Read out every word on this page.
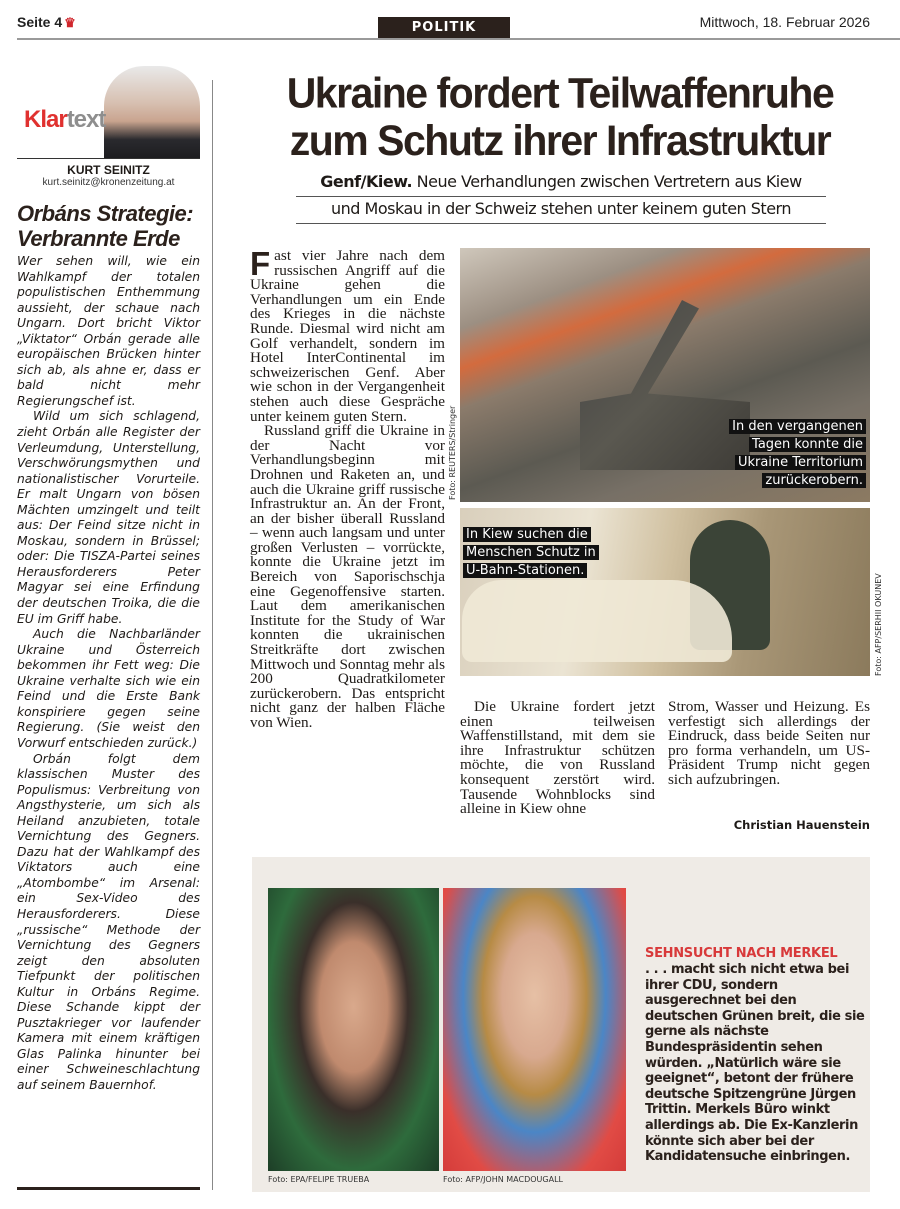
Seite 4 ♛	POLITIK	Mittwoch, 18. Februar 2026
Klartext
KURT SEINITZ
kurt.seinitz@kronenzeitung.at
Orbáns Strategie: Verbrannte Erde

Wer sehen will, wie ein Wahlkampf der totalen populistischen Enthemmung aussieht, der schaue nach Ungarn. Dort bricht Viktor „Viktator“ Orbán gerade alle europäischen Brücken hinter sich ab, als ahne er, dass er bald nicht mehr Regierungschef ist.

Wild um sich schlagend, zieht Orbán alle Register der Verleumdung, Unterstellung, Verschwörungsmythen und nationalistischer Vorurteile. Er malt Ungarn von bösen Mächten umzingelt und teilt aus: Der Feind sitze nicht in Moskau, sondern in Brüssel; oder: Die TISZA-Partei seines Herausforderers Peter Magyar sei eine Erfindung der deutschen Troika, die die EU im Griff habe.

Auch die Nachbarländer Ukraine und Österreich bekommen ihr Fett weg: Die Ukraine verhalte sich wie ein Feind und die Erste Bank konspiriere gegen seine Regierung. (Sie weist den Vorwurf entschieden zurück.)

Orbán folgt dem klassischen Muster des Populismus: Verbreitung von Angsthysterie, um sich als Heiland anzubieten, totale Vernichtung des Gegners. Dazu hat der Wahlkampf des Viktators auch eine „Atombombe“ im Arsenal: ein Sex-Video des Herausforderers. Diese „russische“ Methode der Vernichtung des Gegners zeigt den absoluten Tiefpunkt der politischen Kultur in Orbáns Regime. Diese Schande kippt der Pusztakrieger vor laufender Kamera mit einem kräftigen Glas Palinka hinunter bei einer Schweineschlachtung auf seinem Bauernhof.

Ukraine fordert Teilwaffenruhe zum Schutz ihrer Infrastruktur
Genf/Kiew. Neue Verhandlungen zwischen Vertretern aus Kiew
und Moskau in der Schweiz stehen unter keinem guten Stern

Fast vier Jahre nach dem russischen Angriff auf die Ukraine gehen die Verhandlungen um ein Ende des Krieges in die nächste Runde. Diesmal wird nicht am Golf verhandelt, sondern im Hotel InterContinental im schweizerischen Genf. Aber wie schon in der Vergangenheit stehen auch diese Gespräche unter keinem guten Stern.

Russland griff die Ukraine in der Nacht vor Verhandlungsbeginn mit Drohnen und Raketen an, und auch die Ukraine griff russische Infrastruktur an. An der Front, an der bisher überall Russland – wenn auch langsam und unter großen Verlusten – vorrückte, konnte die Ukraine jetzt im Bereich von Saporischschja eine Gegenoffensive starten. Laut dem amerikanischen Institute for the Study of War konnten die ukrainischen Streitkräfte dort zwischen Mittwoch und Sonntag mehr als 200 Quadratkilometer zurückerobern. Das entspricht nicht ganz der halben Fläche von Wien.

In den vergangenen Tagen konnte die Ukraine Territorium zurückerobern.
Foto: REUTERS/Stringer
In Kiew suchen die Menschen Schutz in U-Bahn-Stationen.
Foto: AFP/SERHII OKUNEV

Die Ukraine fordert jetzt einen teilweisen Waffenstillstand, mit dem sie ihre Infrastruktur schützen möchte, die von Russland konsequent zerstört wird. Tausende Wohnblocks sind alleine in Kiew ohne

Strom, Wasser und Heizung. Es verfestigt sich allerdings der Eindruck, dass beide Seiten nur pro forma verhandeln, um US-Präsident Trump nicht gegen sich aufzubringen.

Christian Hauenstein
Foto: EPA/FELIPE TRUEBA	Foto: AFP/JOHN MACDOUGALL
SEHNSUCHT NACH MERKEL
. . . macht sich nicht etwa bei ihrer CDU, sondern ausgerechnet bei den deutschen Grünen breit, die sie gerne als nächste Bundespräsidentin sehen würden. „Natürlich wäre sie geeignet“, betont der frühere deutsche Spitzengrüne Jürgen Trittin. Merkels Büro winkt allerdings ab. Die Ex-Kanzlerin könnte sich aber bei der Kandidatensuche einbringen.
